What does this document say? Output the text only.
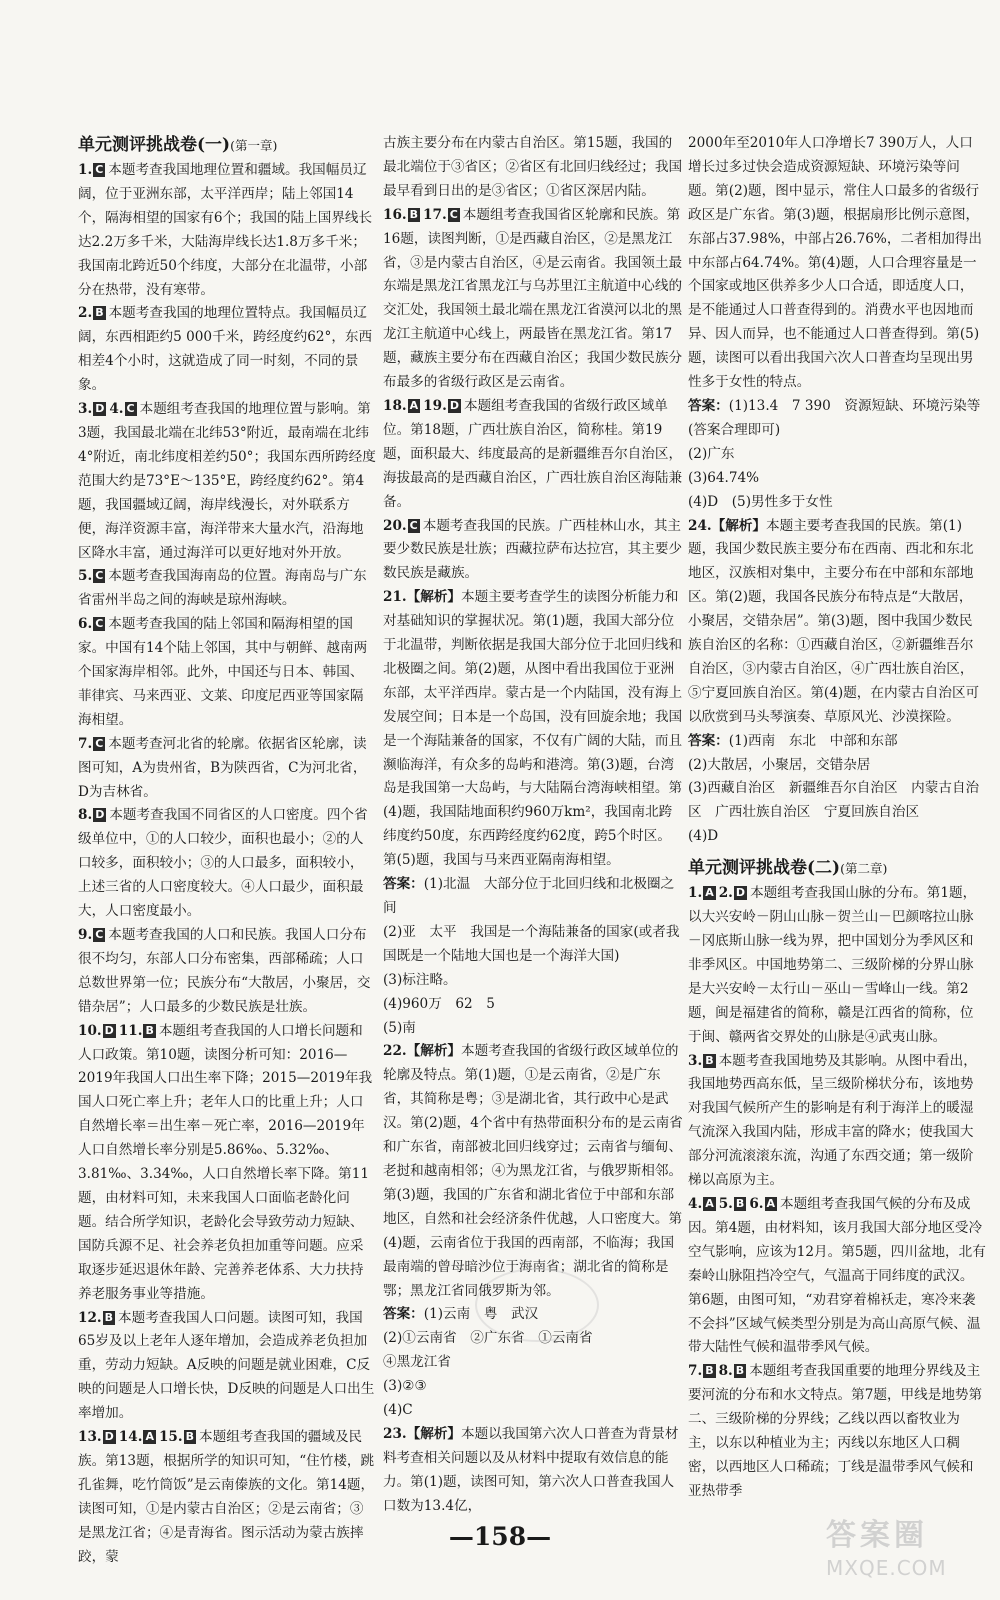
单元测评挑战卷(一)(第一章)
1. C 本题考查我国地理位置和疆域。我国幅员辽阔，位于亚洲东部，太平洋西岸；陆上邻国14个，隔海相望的国家有6个；我国的陆上国界线长达2.2万多千米，大陆海岸线长达1.8万多千米；我国南北跨近50个纬度，大部分在北温带，小部分在热带，没有寒带。
2. B 本题考查我国的地理位置特点。我国幅员辽阔，东西相距约5 000千米，跨经度约62°，东西相差4个小时，这就造成了同一时刻，不同的景象。
3. D 4. C 本题组考查我国的地理位置与影响。第3题，我国最北端在北纬53°附近，最南端在北纬4°附近，南北纬度相差约50°；我国东西所跨经度范围大约是73°E～135°E，跨经度约62°。第4题，我国疆域辽阔，海岸线漫长，对外联系方便，海洋资源丰富，海洋带来大量水汽，沿海地区降水丰富，通过海洋可以更好地对外开放。
5. C 本题考查我国海南岛的位置。海南岛与广东省雷州半岛之间的海峡是琼州海峡。
6. C 本题考查我国的陆上邻国和隔海相望的国家。中国有14个陆上邻国，其中与朝鲜、越南两个国家海岸相邻。此外，中国还与日本、韩国、菲律宾、马来西亚、文莱、印度尼西亚等国家隔海相望。
7. C 本题考查河北省的轮廓。依据省区轮廓，读图可知，A为贵州省，B为陕西省，C为河北省，D为吉林省。
8. D 本题考查我国不同省区的人口密度。四个省级单位中，①的人口较少，面积也最小；②的人口较多，面积较小；③的人口最多，面积较小，上述三省的人口密度较大。④人口最少，面积最大，人口密度最小。
9. C 本题考查我国的人口和民族。我国人口分布很不均匀，东部人口分布密集，西部稀疏；人口总数世界第一位；民族分布“大散居，小聚居，交错杂居”；人口最多的少数民族是壮族。
10. D 11. B 本题组考查我国的人口增长问题和人口政策。第10题，读图分析可知：2016—2019年我国人口出生率下降；2015—2019年我国人口死亡率上升；老年人口的比重上升；人口自然增长率＝出生率－死亡率，2016—2019年人口自然增长率分别是5.86‰、5.32‰、3.81‰、3.34‰，人口自然增长率下降。第11题，由材料可知，未来我国人口面临老龄化问题。结合所学知识，老龄化会导致劳动力短缺、国防兵源不足、社会养老负担加重等问题。应采取逐步延迟退休年龄、完善养老体系、大力扶持养老服务事业等措施。
12. B 本题考查我国人口问题。读图可知，我国65岁及以上老年人逐年增加，会造成养老负担加重，劳动力短缺。A反映的问题是就业困难，C反映的问题是人口增长快，D反映的问题是人口出生率增加。
13. D 14. A 15. B 本题组考查我国的疆域及民族。第13题，根据所学的知识可知，“住竹楼，跳孔雀舞，吃竹筒饭”是云南傣族的文化。第14题，读图可知，①是内蒙古自治区；②是云南省；③是黑龙江省；④是青海省。图示活动为蒙古族摔跤，蒙
古族主要分布在内蒙古自治区。第15题，我国的最北端位于③省区；②省区有北回归线经过；我国最早看到日出的是③省区；①省区深居内陆。
16. B 17. C 本题组考查我国省区轮廓和民族。第16题，读图判断，①是西藏自治区，②是黑龙江省，③是内蒙古自治区，④是云南省。我国领土最东端是黑龙江省黑龙江与乌苏里江主航道中心线的交汇处，我国领土最北端在黑龙江省漠河以北的黑龙江主航道中心线上，两最皆在黑龙江省。第17题，藏族主要分布在西藏自治区；我国少数民族分布最多的省级行政区是云南省。
18. A 19. D 本题组考查我国的省级行政区域单位。第18题，广西壮族自治区，简称桂。第19题，面积最大、纬度最高的是新疆维吾尔自治区，海拔最高的是西藏自治区，广西壮族自治区海陆兼备。
20. C 本题考查我国的民族。广西桂林山水，其主要少数民族是壮族；西藏拉萨布达拉宫，其主要少数民族是藏族。
21.【解析】本题主要考查学生的读图分析能力和对基础知识的掌握状况。第(1)题，我国大部分位于北温带，判断依据是我国大部分位于北回归线和北极圈之间。第(2)题，从图中看出我国位于亚洲东部，太平洋西岸。蒙古是一个内陆国，没有海上发展空间；日本是一个岛国，没有回旋余地；我国是一个海陆兼备的国家，不仅有广阔的大陆，而且濒临海洋，有众多的岛屿和港湾。第(3)题，台湾岛是我国第一大岛屿，与大陆隔台湾海峡相望。第(4)题，我国陆地面积约960万km²，我国南北跨纬度约50度，东西跨经度约62度，跨5个时区。第(5)题，我国与马来西亚隔南海相望。
答案：(1)北温　大部分位于北回归线和北极圈之间
(2)亚　太平　我国是一个海陆兼备的国家(或者我国既是一个陆地大国也是一个海洋大国)
(3)标注略。
(4)960万　62　5
(5)南
22.【解析】本题考查我国的省级行政区域单位的轮廓及特点。第(1)题，①是云南省，②是广东省，其简称是粤；③是湖北省，其行政中心是武汉。第(2)题，4个省中有热带面积分布的是云南省和广东省，南部被北回归线穿过；云南省与缅甸、老挝和越南相邻；④为黑龙江省，与俄罗斯相邻。第(3)题，我国的广东省和湖北省位于中部和东部地区，自然和社会经济条件优越，人口密度大。第(4)题，云南省位于我国的西南部，不临海；我国最南端的曾母暗沙位于海南省；湖北省的简称是鄂；黑龙江省同俄罗斯为邻。
答案：(1)云南　粤　武汉
(2)①云南省　②广东省　①云南省
④黑龙江省
(3)②③
(4)C
23.【解析】本题以我国第六次人口普查为背景材料考查相关问题以及从材料中提取有效信息的能力。第(1)题，读图可知，第六次人口普查我国人口数为13.4亿，
2000年至2010年人口净增长7 390万人，人口增长过多过快会造成资源短缺、环境污染等问题。第(2)题，图中显示，常住人口最多的省级行政区是广东省。第(3)题，根据扇形比例示意图，东部占37.98%，中部占26.76%，二者相加得出中东部占64.74%。第(4)题，人口合理容量是一个国家或地区供养多少人口合适，即适度人口，是不能通过人口普查得到的。消费水平也因地而异、因人而异，也不能通过人口普查得到。第(5)题，读图可以看出我国六次人口普查均呈现出男性多于女性的特点。
答案：(1)13.4　7 390　资源短缺、环境污染等(答案合理即可)
(2)广东
(3)64.74%
(4)D　(5)男性多于女性
24.【解析】本题主要考查我国的民族。第(1)题，我国少数民族主要分布在西南、西北和东北地区，汉族相对集中，主要分布在中部和东部地区。第(2)题，我国各民族分布特点是“大散居，小聚居，交错杂居”。第(3)题，图中我国少数民族自治区的名称：①西藏自治区，②新疆维吾尔自治区，③内蒙古自治区，④广西壮族自治区，⑤宁夏回族自治区。第(4)题，在内蒙古自治区可以欣赏到马头琴演奏、草原风光、沙漠探险。
答案：(1)西南　东北　中部和东部
(2)大散居，小聚居，交错杂居
(3)西藏自治区　新疆维吾尔自治区　内蒙古自治区　广西壮族自治区　宁夏回族自治区
(4)D
单元测评挑战卷(二)(第二章)
1. A 2. D 本题组考查我国山脉的分布。第1题，以大兴安岭－阴山山脉－贺兰山－巴颜喀拉山脉－冈底斯山脉一线为界，把中国划分为季风区和非季风区。中国地势第二、三级阶梯的分界山脉是大兴安岭－太行山－巫山－雪峰山一线。第2题，闽是福建省的简称，赣是江西省的简称，位于闽、赣两省交界处的山脉是④武夷山脉。
3. B 本题考查我国地势及其影响。从图中看出，我国地势西高东低，呈三级阶梯状分布，该地势对我国气候所产生的影响是有利于海洋上的暖湿气流深入我国内陆，形成丰富的降水；使我国大部分河流滚滚东流，沟通了东西交通；第一级阶梯以高原为主。
4. A 5. B 6. A 本题组考查我国气候的分布及成因。第4题，由材料知，该月我国大部分地区受冷空气影响，应该为12月。第5题，四川盆地，北有秦岭山脉阻挡冷空气，气温高于同纬度的武汉。第6题，由图可知，“劝君穿着棉袄走，寒冷来袭不会抖”区域气候类型分别是为高山高原气候、温带大陆性气候和温带季风气候。
7. B 8. B 本题组考查我国重要的地理分界线及主要河流的分布和水文特点。第7题，甲线是地势第二、三级阶梯的分界线；乙线以西以畜牧业为主，以东以种植业为主；丙线以东地区人口稠密，以西地区人口稀疏；丁线是温带季风气候和亚热带季
—158—	答案圈
MXQE.COM
